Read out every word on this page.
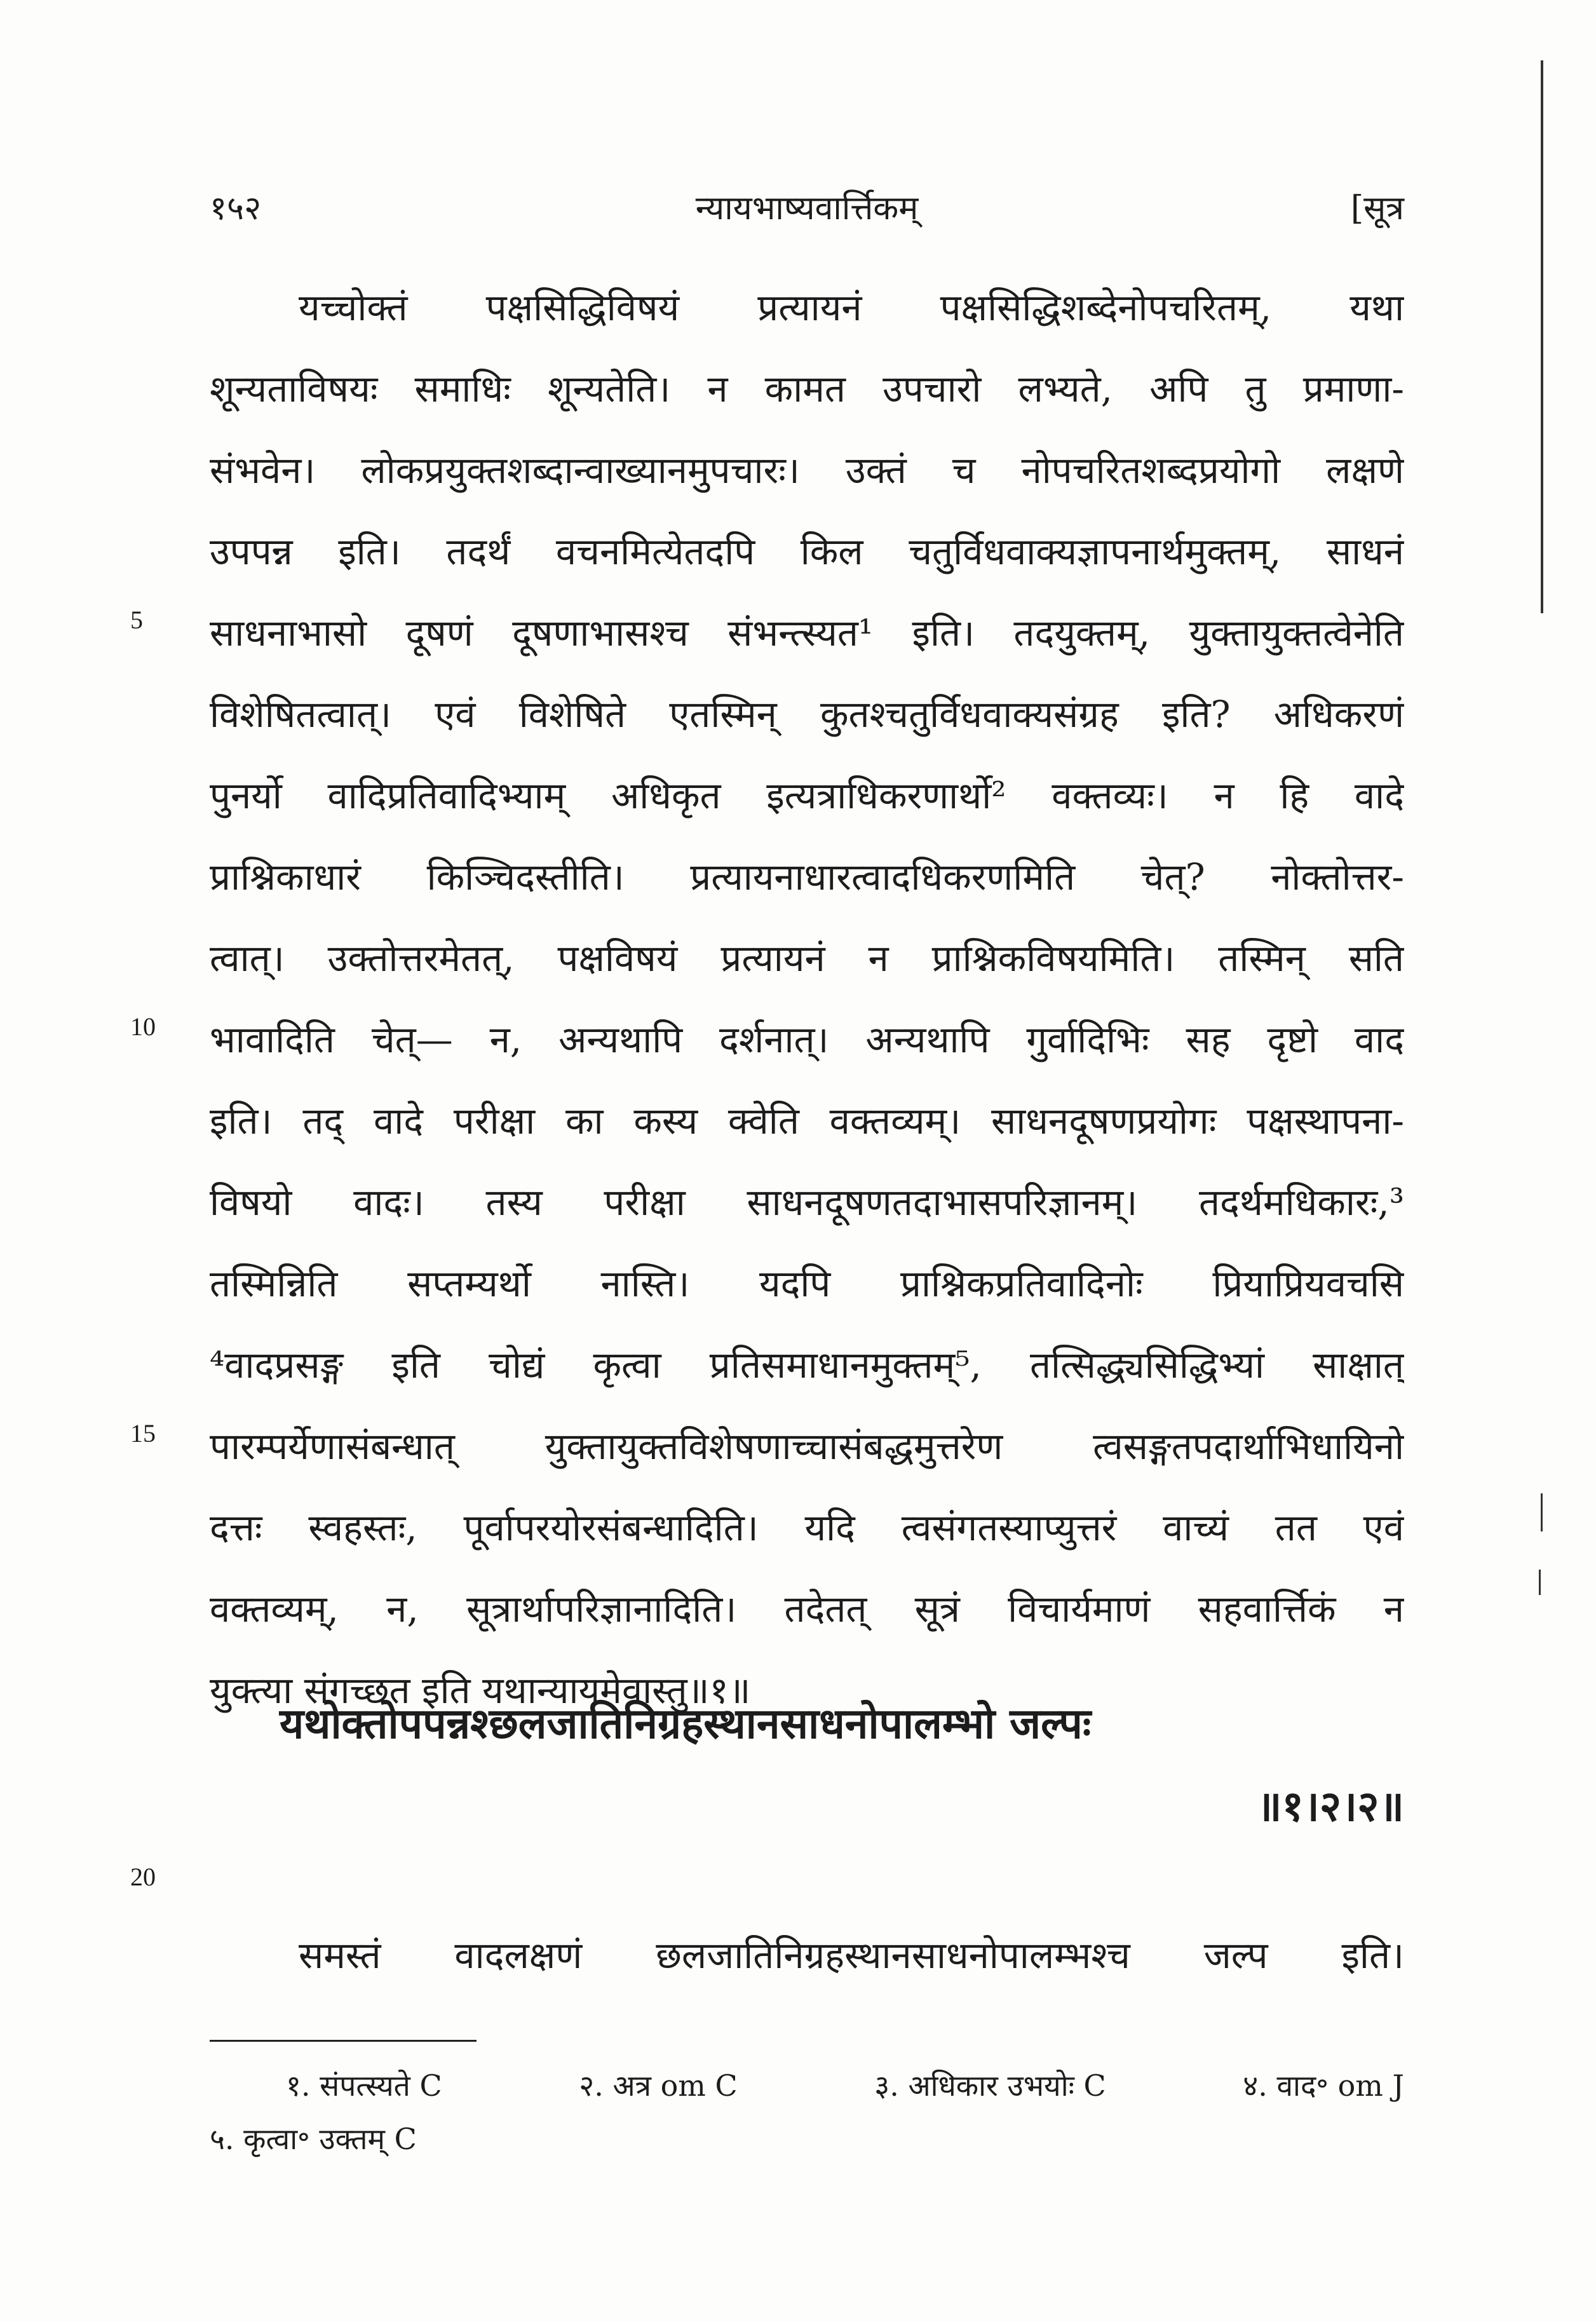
१५२	न्यायभाष्यवार्त्तिकम्	[सूत्र
5
10
15
20
यच्चोक्तं पक्षसिद्धिविषयं प्रत्यायनं पक्षसिद्धिशब्देनोपचरितम्, यथा
शून्यताविषयः समाधिः शून्यतेति। न कामत उपचारो लभ्यते, अपि तु प्रमाणा-
संभवेन। लोकप्रयुक्तशब्दान्वाख्यानमुपचारः। उक्तं च नोपचरितशब्दप्रयोगो लक्षणे
उपपन्न इति। तदर्थं वचनमित्येतदपि किल चतुर्विधवाक्यज्ञापनार्थमुक्तम्, साधनं
साधनाभासो दूषणं दूषणाभासश्च संभन्त्स्यत¹ इति। तदयुक्तम्, युक्तायुक्तत्वेनेति
विशेषितत्वात्। एवं विशेषिते एतस्मिन् कुतश्चतुर्विधवाक्यसंग्रह इति? अधिकरणं
पुनर्यो वादिप्रतिवादिभ्याम् अधिकृत इत्यत्राधिकरणार्थो² वक्तव्यः। न हि वादे
प्राश्निकाधारं किञ्चिदस्तीति। प्रत्यायनाधारत्वादधिकरणमिति चेत्? नोक्तोत्तर-
त्वात्। उक्तोत्तरमेतत्, पक्षविषयं प्रत्यायनं न प्राश्निकविषयमिति। तस्मिन् सति
भावादिति चेत्— न, अन्यथापि दर्शनात्। अन्यथापि गुर्वादिभिः सह दृष्टो वाद
इति। तद् वादे परीक्षा का कस्य क्वेति वक्तव्यम्। साधनदूषणप्रयोगः पक्षस्थापना-
विषयो वादः। तस्य परीक्षा साधनदूषणतदाभासपरिज्ञानम्। तदर्थमधिकारः,³
तस्मिन्निति सप्तम्यर्थो नास्ति। यदपि प्राश्निकप्रतिवादिनोः प्रियाप्रियवचसि
⁴वादप्रसङ्ग इति चोद्यं कृत्वा प्रतिसमाधानमुक्तम्⁵, तत्सिद्ध्यसिद्धिभ्यां साक्षात्
पारम्पर्येणासंबन्धात् युक्तायुक्तविशेषणाच्चासंबद्धमुत्तरेण त्वसङ्गतपदार्थाभिधायिनो
दत्तः स्वहस्तः, पूर्वापरयोरसंबन्धादिति। यदि त्वसंगतस्याप्युत्तरं वाच्यं तत एवं
वक्तव्यम्, न, सूत्रार्थापरिज्ञानादिति। तदेतत् सूत्रं विचार्यमाणं सहवार्त्तिकं न
युक्त्या संगच्छत इति यथान्यायमेवास्तु॥१॥
यथोक्तोपपन्नश्छलजातिनिग्रहस्थानसाधनोपालम्भो जल्पः
॥१।२।२॥
समस्तं वादलक्षणं छलजातिनिग्रहस्थानसाधनोपालम्भश्च जल्प इति।
१. संपत्स्यते C	२. अत्र om C	३. अधिकार उभयोः C	४. वाद॰ om J
५. कृत्वा॰ उक्तम् C
